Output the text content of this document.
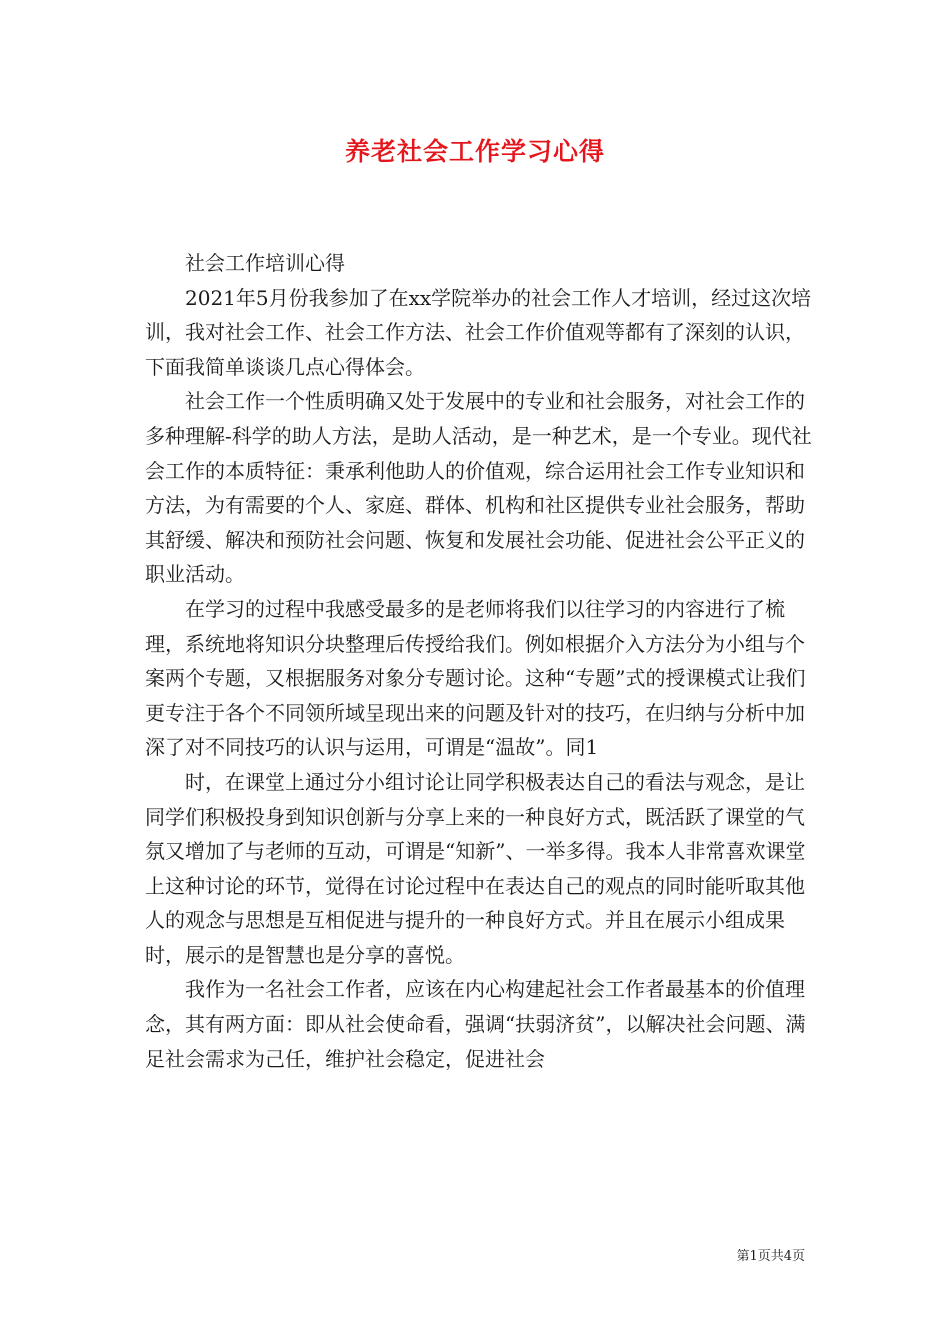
养老社会工作学习心得

社会工作培训心得

2021年5月份我参加了在xx学院举办的社会工作人才培训，经过这次培训，我对社会工作、社会工作方法、社会工作价值观等都有了深刻的认识，下面我简单谈谈几点心得体会。

社会工作一个性质明确又处于发展中的专业和社会服务，对社会工作的多种理解-科学的助人方法，是助人活动，是一种艺术，是一个专业。现代社会工作的本质特征：秉承利他助人的价值观，综合运用社会工作专业知识和方法，为有需要的个人、家庭、群体、机构和社区提供专业社会服务，帮助其舒缓、解决和预防社会问题、恢复和发展社会功能、促进社会公平正义的职业活动。

在学习的过程中我感受最多的是老师将我们以往学习的内容进行了梳理，系统地将知识分块整理后传授给我们。例如根据介入方法分为小组与个案两个专题，又根据服务对象分专题讨论。这种“专题”式的授课模式让我们更专注于各个不同领所域呈现出来的问题及针对的技巧，在归纳与分析中加深了对不同技巧的认识与运用，可谓是“温故”。同1

时，在课堂上通过分小组讨论让同学积极表达自己的看法与观念，是让同学们积极投身到知识创新与分享上来的一种良好方式，既活跃了课堂的气氛又增加了与老师的互动，可谓是“知新”、一举多得。我本人非常喜欢课堂上这种讨论的环节，觉得在讨论过程中在表达自己的观点的同时能听取其他人的观念与思想是互相促进与提升的一种良好方式。并且在展示小组成果时，展示的是智慧也是分享的喜悦。

我作为一名社会工作者，应该在内心构建起社会工作者最基本的价值理念，其有两方面：即从社会使命看，强调“扶弱济贫”，以解决社会问题、满足社会需求为己任，维护社会稳定，促进社会

第1页共4页
